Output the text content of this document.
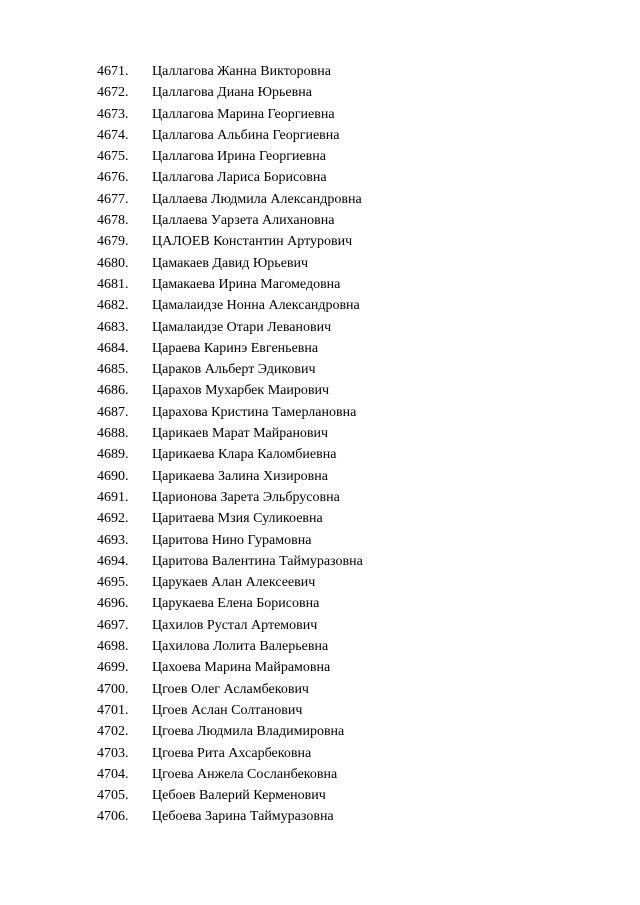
4671.	Цаллагова Жанна Викторовна
4672.	Цаллагова Диана Юрьевна
4673.	Цаллагова Марина Георгиевна
4674.	Цаллагова Альбина Георгиевна
4675.	Цаллагова Ирина Георгиевна
4676.	Цаллагова Лариса Борисовна
4677.	Цаллаева Людмила Александровна
4678.	Цаллаева Уарзета Алихановна
4679.	ЦАЛОЕВ Константин Артурович
4680.	Цамакаев Давид Юрьевич
4681.	Цамакаева Ирина Магомедовна
4682.	Цамалаидзе Нонна Александровна
4683.	Цамалаидзе Отари Леванович
4684.	Цараева Каринэ Евгеньевна
4685.	Цараков Альберт Эдикович
4686.	Царахов Мухарбек Маирович
4687.	Царахова Кристина Тамерлановна
4688.	Царикаев Марат Майранович
4689.	Царикаева Клара Каломбиевна
4690.	Царикаева Залина Хизировна
4691.	Царионова Зарета Эльбрусовна
4692.	Царитаева Мзия Суликоевна
4693.	Царитова Нино Гурамовна
4694.	Царитова Валентина Таймуразовна
4695.	Царукаев Алан Алексеевич
4696.	Царукаева Елена Борисовна
4697.	Цахилов Рустал Артемович
4698.	Цахилова Лолита Валерьевна
4699.	Цахоева Марина Майрамовна
4700.	Цгоев Олег Асламбекович
4701.	Цгоев Аслан Солтанович
4702.	Цгоева Людмила Владимировна
4703.	Цгоева Рита Ахсарбековна
4704.	Цгоева Анжела Сосланбековна
4705.	Цебоев Валерий Керменович
4706.	Цебоева Зарина Таймуразовна
